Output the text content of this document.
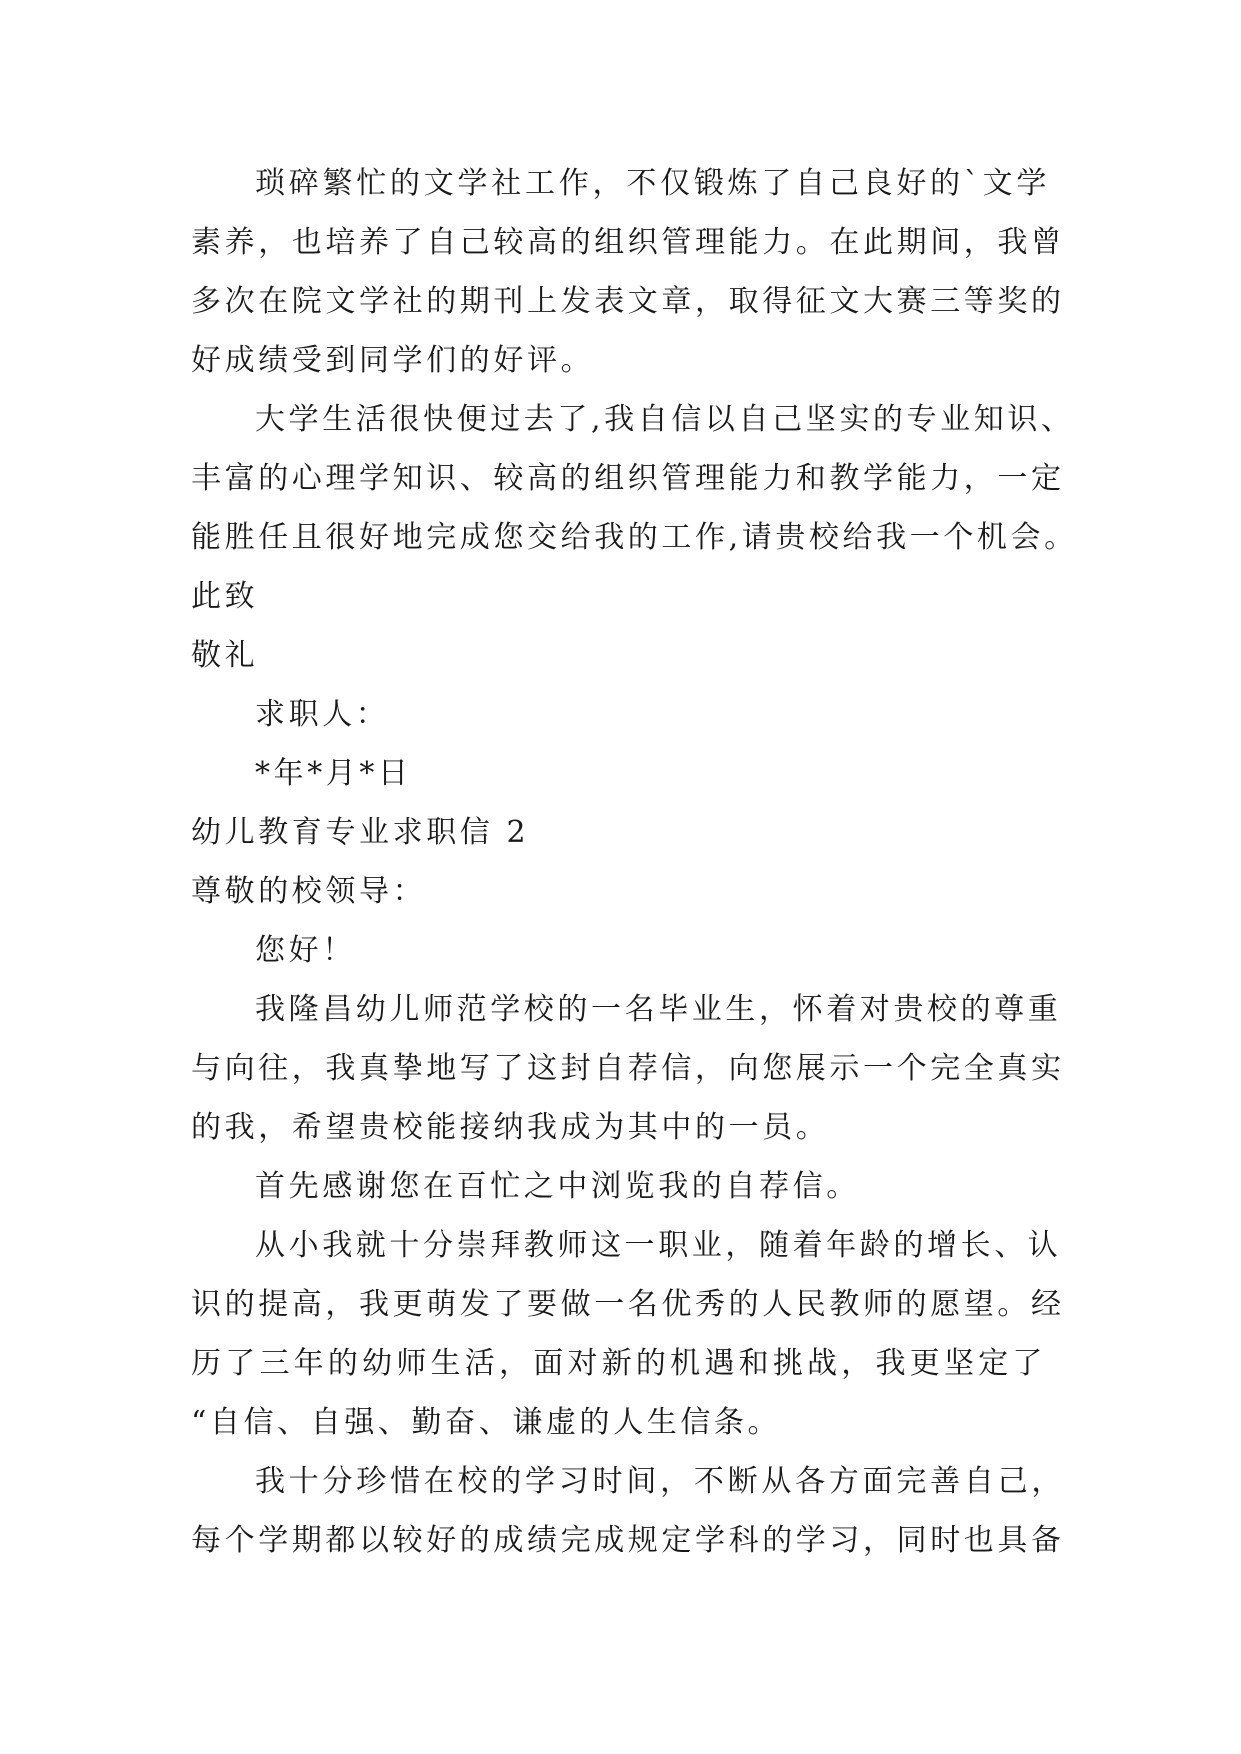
琐碎繁忙的文学社工作，不仅锻炼了自己良好的`文学
素养，也培养了自己较高的组织管理能力。在此期间，我曾
多次在院文学社的期刊上发表文章，取得征文大赛三等奖的
好成绩受到同学们的好评。
大学生活很快便过去了,我自信以自己坚实的专业知识、
丰富的心理学知识、较高的组织管理能力和教学能力，一定
能胜任且很好地完成您交给我的工作,请贵校给我一个机会。
此致
敬礼
求职人：
*年*月*日
幼儿教育专业求职信 2
尊敬的校领导：
您好！
我隆昌幼儿师范学校的一名毕业生，怀着对贵校的尊重
与向往，我真挚地写了这封自荐信，向您展示一个完全真实
的我，希望贵校能接纳我成为其中的一员。
首先感谢您在百忙之中浏览我的自荐信。
从小我就十分崇拜教师这一职业，随着年龄的增长、认
识的提高，我更萌发了要做一名优秀的人民教师的愿望。经
历了三年的幼师生活，面对新的机遇和挑战，我更坚定了
“自信、自强、勤奋、谦虚的人生信条。
我十分珍惜在校的学习时间，不断从各方面完善自己，
每个学期都以较好的成绩完成规定学科的学习，同时也具备
